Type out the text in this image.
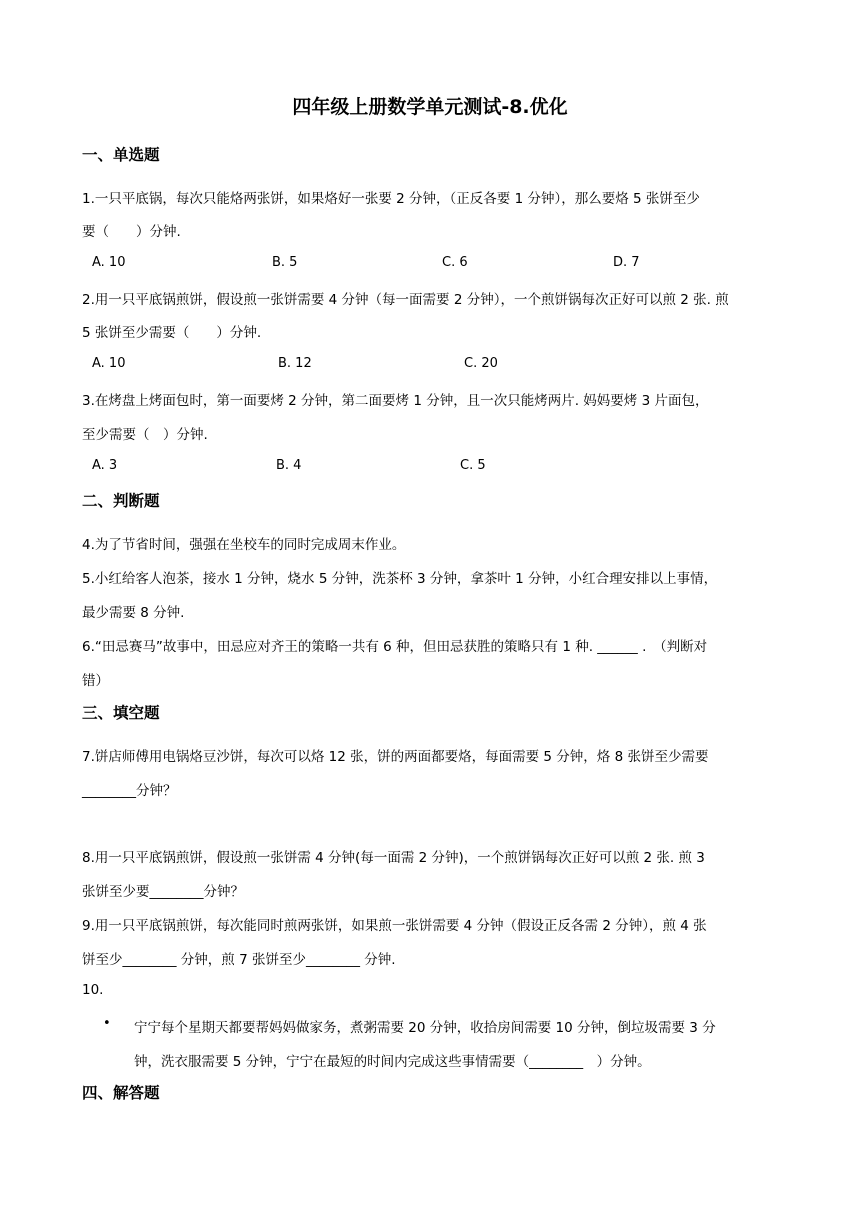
四年级上册数学单元测试-8.优化
一、单选题
1.一只平底锅，每次只能烙两张饼，如果烙好一张要 2 分钟，（正反各要 1 分钟），那么要烙 5 张饼至少
要（　　）分钟.
A. 10	B. 5	C. 6	D. 7
2.用一只平底锅煎饼，假设煎一张饼需要 4 分钟（每一面需要 2 分钟），一个煎饼锅每次正好可以煎 2 张. 煎
5 张饼至少需要（　　）分钟.
A. 10	B. 12	C. 20
3.在烤盘上烤面包时，第一面要烤 2 分钟，第二面要烤 1 分钟，且一次只能烤两片. 妈妈要烤 3 片面包，
至少需要（　）分钟.
A. 3	B. 4	C. 5
二、判断题
4.为了节省时间，强强在坐校车的同时完成周末作业。
5.小红给客人泡茶，接水 1 分钟，烧水 5 分钟，洗茶杯 3 分钟，拿茶叶 1 分钟，小红合理安排以上事情，
最少需要 8 分钟.
6.“田忌赛马”故事中，田忌应对齐王的策略一共有 6 种，但田忌获胜的策略只有 1 种. ______ .　（判断对
错）
三、填空题
7.饼店师傅用电锅烙豆沙饼，每次可以烙 12 张，饼的两面都要烙，每面需要 5 分钟，烙 8 张饼至少需要
________分钟？
8.用一只平底锅煎饼，假设煎一张饼需 4 分钟(每一面需 2 分钟)，一个煎饼锅每次正好可以煎 2 张. 煎 3
张饼至少要________分钟？
9.用一只平底锅煎饼，每次能同时煎两张饼，如果煎一张饼需要 4 分钟（假设正反各需 2 分钟），煎 4 张
饼至少________ 分钟，煎 7 张饼至少________ 分钟.
10.
• 宁宁每个星期天都要帮妈妈做家务，煮粥需要 20 分钟，收拾房间需要 10 分钟，倒垃圾需要 3 分
钟，洗衣服需要 5 分钟，宁宁在最短的时间内完成这些事情需要（________　）分钟。
四、解答题
